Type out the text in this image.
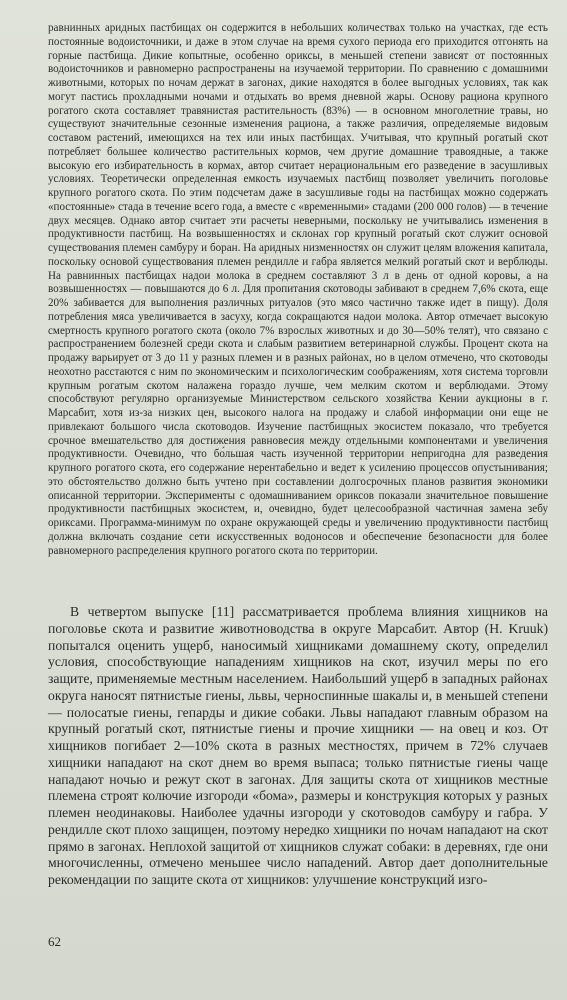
равнинных аридных пастбищах он содержится в небольших количествах только на участках, где есть постоянные водоисточники, и даже в этом случае на время сухого периода его приходится отгонять на горные пастбища. Дикие копытные, особенно ориксы, в меньшей степени зависят от постоянных водоисточников и равномерно распространены на изучаемой территории. По сравнению с домашними животными, которых по ночам держат в загонах, дикие находятся в более выгодных условиях, так как могут пастись прохладными ночами и отдыхать во время дневной жары. Основу рациона крупного рогатого скота составляет травянистая растительность (83%) — в основном многолетние травы, но существуют значительные сезонные изменения рациона, а также различия, определяемые видовым составом растений, имеющихся на тех или иных пастбищах. Учитывая, что крупный рогатый скот потребляет большее количество растительных кормов, чем другие домашние травоядные, а также высокую его избирательность в кормах, автор считает нерациональным его разведение в засушливых условиях. Теоретически определенная емкость изучаемых пастбищ позволяет увеличить поголовье крупного рогатого скота. По этим подсчетам даже в засушливые годы на пастбищах можно содержать «постоянные» стада в течение всего года, а вместе с «временными» стадами (200 000 голов) — в течение двух месяцев. Однако автор считает эти расчеты неверными, поскольку не учитывались изменения в продуктивности пастбищ. На возвышенностях и склонах гор крупный рогатый скот служит основой существования племен самбуру и боран. На аридных низменностях он служит целям вложения капитала, поскольку основой существования племен рендилле и габра является мелкий рогатый скот и верблюды. На равнинных пастбищах надои молока в среднем составляют 3 л в день от одной коровы, а на возвышенностях — повышаются до 6 л. Для пропитания скотоводы забивают в среднем 7,6% скота, еще 20% забивается для выполнения различных ритуалов (это мясо частично также идет в пищу). Доля потребления мяса увеличивается в засуху, когда сокращаются надои молока. Автор отмечает высокую смертность крупного рогатого скота (около 7% взрослых животных и до 30—50% телят), что связано с распространением болезней среди скота и слабым развитием ветеринарной службы. Процент скота на продажу варьирует от 3 до 11 у разных племен и в разных районах, но в целом отмечено, что скотоводы неохотно расстаются с ним по экономическим и психологическим соображениям, хотя система торговли крупным рогатым скотом налажена гораздо лучше, чем мелким скотом и верблюдами. Этому способствуют регулярно организуемые Министерством сельского хозяйства Кении аукционы в г. Марсабит, хотя из-за низких цен, высокого налога на продажу и слабой информации они еще не привлекают большого числа скотоводов. Изучение пастбищных экосистем показало, что требуется срочное вмешательство для достижения равновесия между отдельными компонентами и увеличения продуктивности. Очевидно, что бо́льшая часть изученной территории непригодна для разведения крупного рогатого скота, его содержание нерентабельно и ведет к усилению процессов опустынивания; это обстоятельство должно быть учтено при составлении долгосрочных планов развития экономики описанной территории. Эксперименты с одомашниванием ориксов показали значительное повышение продуктивности пастбищных экосистем, и, очевидно, будет целесообразной частичная замена зебу ориксами. Программа-минимум по охране окружающей среды и увеличению продуктивности пастбищ должна включать создание сети искусственных водоносов и обеспечение безопасности для более равномерного распределения крупного рогатого скота по территории.

В четвертом выпуске [11] рассматривается проблема влияния хищников на поголовье скота и развитие животноводства в округе Марсабит. Автор (H. Kruuk) попытался оценить ущерб, наносимый хищниками домашнему скоту, определил условия, способствующие нападениям хищников на скот, изучил меры по его защите, применяемые местным населением. Наибольший ущерб в западных районах округа наносят пятнистые гиены, львы, черноспинные шакалы и, в меньшей степени — полосатые гиены, гепарды и дикие собаки. Львы нападают главным образом на крупный рогатый скот, пятнистые гиены и прочие хищники — на овец и коз. От хищников погибает 2—10% скота в разных местностях, причем в 72% случаев хищники нападают на скот днем во время выпаса; только пятнистые гиены чаще нападают ночью и режут скот в загонах. Для защиты скота от хищников местные племена строят колючие изгороди «бома», размеры и конструкция которых у разных племен неодинаковы. Наиболее удачны изгороди у скотоводов самбуру и габра. У рендилле скот плохо защищен, поэтому нередко хищники по ночам нападают на скот прямо в загонах. Неплохой защитой от хищников служат собаки: в деревнях, где они многочисленны, отмечено меньшее число нападений. Автор дает дополнительные рекомендации по защите скота от хищников: улучшение конструкций изго-

62
